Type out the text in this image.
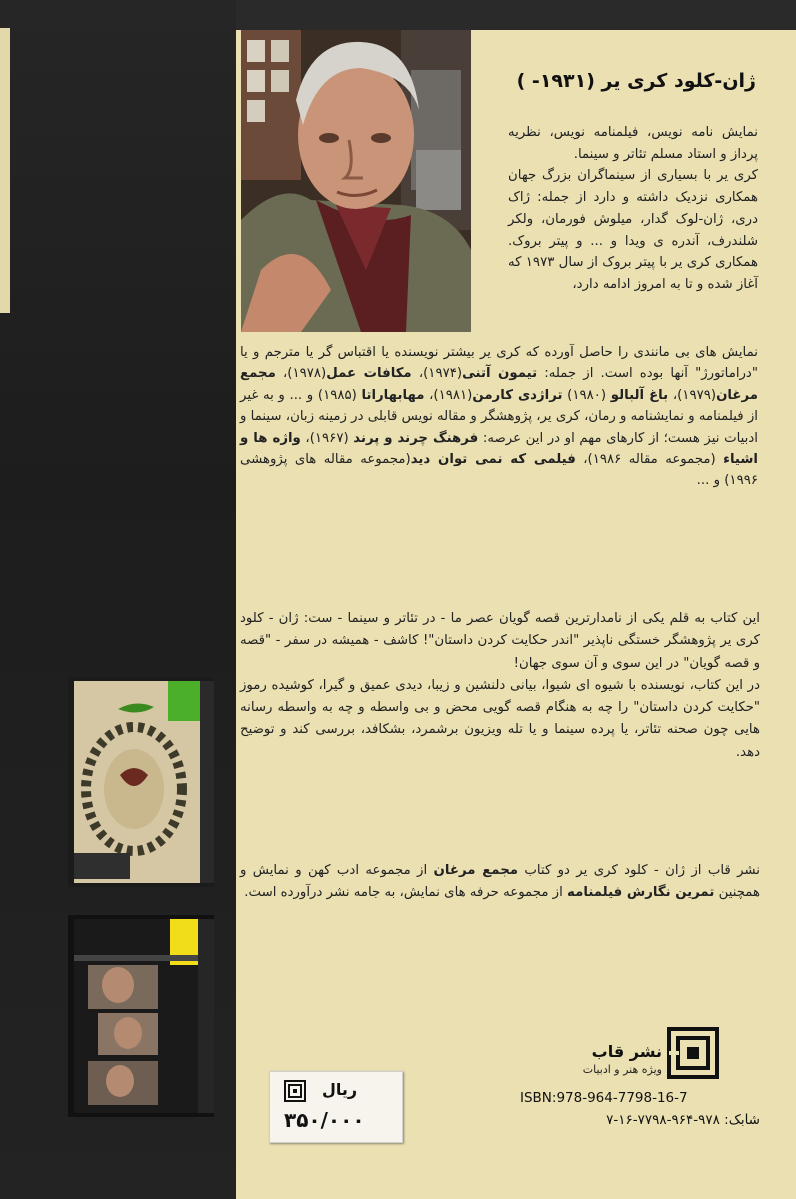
ژان-کلود کری یر (۱۹۳۱- )

نمایش نامه نویس، فیلمنامه نویس، نظریه پرداز و استاد مسلم تئاتر و سینما.

کری یر با بسیاری از سینماگران بزرگ جهان همکاری نزدیک داشته و دارد از جمله: ژاک دری، ژان-لوک گدار، میلوش فورمان، ولکر شلندرف، آندره ی ویدا و ... و پیتر بروک. همکاری کری یر با پیتر بروک از سال ۱۹۷۳ که آغاز شده و تا به امروز ادامه دارد،

نمایش های بی مانندی را حاصل آورده که کری یر بیشتر نویسنده یا اقتباس گر یا مترجم و یا "دراماتورژ" آنها بوده است. از جمله: تیمون آتنی(۱۹۷۴)، مکافات عمل(۱۹۷۸)، مجمع مرغان(۱۹۷۹)، باغ آلبالو (۱۹۸۰) تراژدی کارمن(۱۹۸۱)، مهابهاراتا (۱۹۸۵) و ... و به غیر از فیلمنامه و نمایشنامه و رمان، کری یر، پژوهشگر و مقاله نویس قابلی در زمینه زبان، سینما و ادبیات نیز هست؛ از کارهای مهم او در این عرصه: فرهنگ چرند و پرند (۱۹۶۷)، واژه ها و اشیاء (مجموعه مقاله ۱۹۸۶)، فیلمی که نمی توان دید(مجموعه مقاله های پژوهشی ۱۹۹۶) و ...

این کتاب به قلم یکی از نامدارترین قصه گویان عصر ما - در تئاتر و سینما - ست: ژان - کلود کری یر پژوهشگر خستگی ناپذیر "اندر حکایت کردن داستان"! کاشف - همیشه در سفر - "قصه و قصه گویان" در این سوی و آن سوی جهان!

در این کتاب، نویسنده با شیوه ای شیوا، بیانی دلنشین و زیبا، دیدی عمیق و گیرا، کوشیده رموز "حکایت کردن داستان" را چه به هنگام قصه گویی محض و بی واسطه و چه به واسطه رسانه هایی چون صحنه تئاتر، یا پرده سینما و یا تله ویزیون برشمرد، بشکافد، بررسی کند و توضیح دهد.

نشر قاب از ژان - کلود کری یر دو کتاب مجمع مرغان از مجموعه ادب کهن و نمایش و همچنین تمرین نگارش فیلمنامه از مجموعه حرفه های نمایش، به جامه نشر درآورده است.

ریال
۳۵۰/۰۰۰
نشر قاب
ویژه هنر و ادبیات
ISBN:978-964-7798-16-7
شابک: ۹۷۸-۹۶۴-۷۷۹۸-۱۶-۷
